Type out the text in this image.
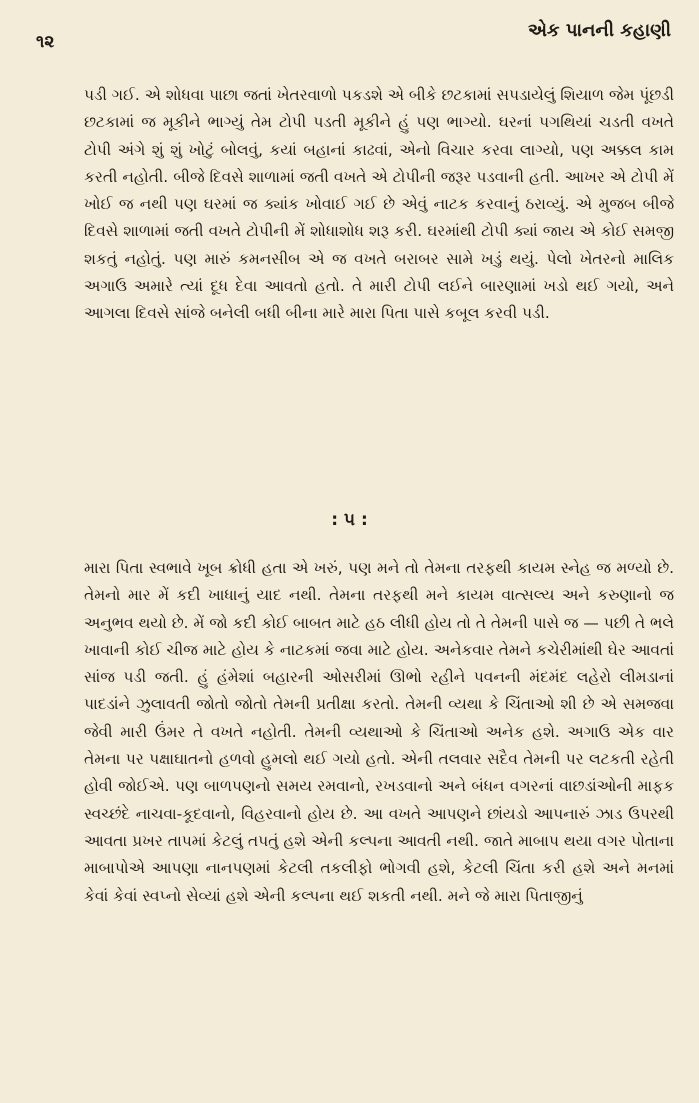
૧૨
એક પાનની કહાણી

પડી ગઈ. એ શોધવા પાછા જતાં ખેતરવાળો પકડશે એ બીકે છટકામાં સપડાયેલું શિયાળ જેમ પૂંછડી છટકામાં જ મૂકીને ભાગ્યું તેમ ટોપી પડતી મૂકીને હું પણ ભાગ્યો. ઘરનાં પગથિયાં ચડતી વખતે ટોપી અંગે શું શું ખોટું બોલવું, કયાં બહાનાં કાઢવાં, એનો વિચાર કરવા લાગ્યો, પણ અક્કલ કામ કરતી નહોતી. બીજે દિવસે શાળામાં જતી વખતે એ ટોપીની જરૂર પડવાની હતી. આખર એ ટોપી મેં ખોઈ જ નથી પણ ઘરમાં જ ક્યાંક ખોવાઈ ગઈ છે એવું નાટક કરવાનું ઠરાવ્યું. એ મુજબ બીજે દિવસે શાળામાં જતી વખતે ટોપીની મેં શોધાશોધ શરૂ કરી. ઘરમાંથી ટોપી ક્યાં જાય એ કોઈ સમજી શકતું નહોતું. પણ મારું કમનસીબ એ જ વખતે બરાબર સામે ખડું થયું. પેલો ખેતરનો માલિક અગાઉ અમારે ત્યાં દૂધ દેવા આવતો હતો. તે મારી ટોપી લઈને બારણામાં ખડો થઈ ગયો, અને આગલા દિવસે સાંજે બનેલી બધી બીના મારે મારા પિતા પાસે કબૂલ કરવી પડી.

: ૫ :

મારા પિતા સ્વભાવે ખૂબ ક્રોધી હતા એ ખરું, પણ મને તો તેમના તરફથી કાયમ સ્નેહ જ મળ્યો છે. તેમનો માર મેં કદી ખાધાનું યાદ નથી. તેમના તરફથી મને કાયમ વાત્સલ્ય અને કરુણાનો જ અનુભવ થયો છે. મેં જો કદી કોઈ બાબત માટે હઠ લીધી હોય તો તે તેમની પાસે જ — પછી તે ભલે ખાવાની કોઈ ચીજ માટે હોય કે નાટકમાં જવા માટે હોય. અનેકવાર તેમને કચેરીમાંથી ઘેર આવતાં સાંજ પડી જતી. હું હંમેશાં બહારની ઓસરીમાં ઊભો રહીને પવનની મંદમંદ લહેરો લીમડાનાં પાદડાંને ઝુલાવતી જોતો જોતો તેમની પ્રતીક્ષા કરતો. તેમની વ્યથા કે ચિંતાઓ શી છે એ સમજવા જેવી મારી ઉંમર તે વખતે નહોતી. તેમની વ્યથાઓ કે ચિંતાઓ અનેક હશે. અગાઉ એક વાર તેમના પર પક્ષાઘાતનો હળવો હુમલો થઈ ગયો હતો. એની તલવાર સદૈવ તેમની પર લટકતી રહેતી હોવી જોઈએ. પણ બાળપણનો સમય રમવાનો, રખડવાનો અને બંધન વગરનાં વાછડાંઓની માફક સ્વચ્છંદે નાચવા-કૂદવાનો, વિહરવાનો હોય છે. આ વખતે આપણને છાંયડો આપનારું ઝાડ ઉપરથી આવતા પ્રખર તાપમાં કેટલું તપતું હશે એની કલ્પના આવતી નથી. જાતે માબાપ થયા વગર પોતાના માબાપોએ આપણા નાનપણમાં કેટલી તકલીફો ભોગવી હશે, કેટલી ચિંતા કરી હશે અને મનમાં કેવાં કેવાં સ્વપ્નો સેવ્યાં હશે એની કલ્પના થઈ શકતી નથી. મને જે મારા પિતાજીનું
